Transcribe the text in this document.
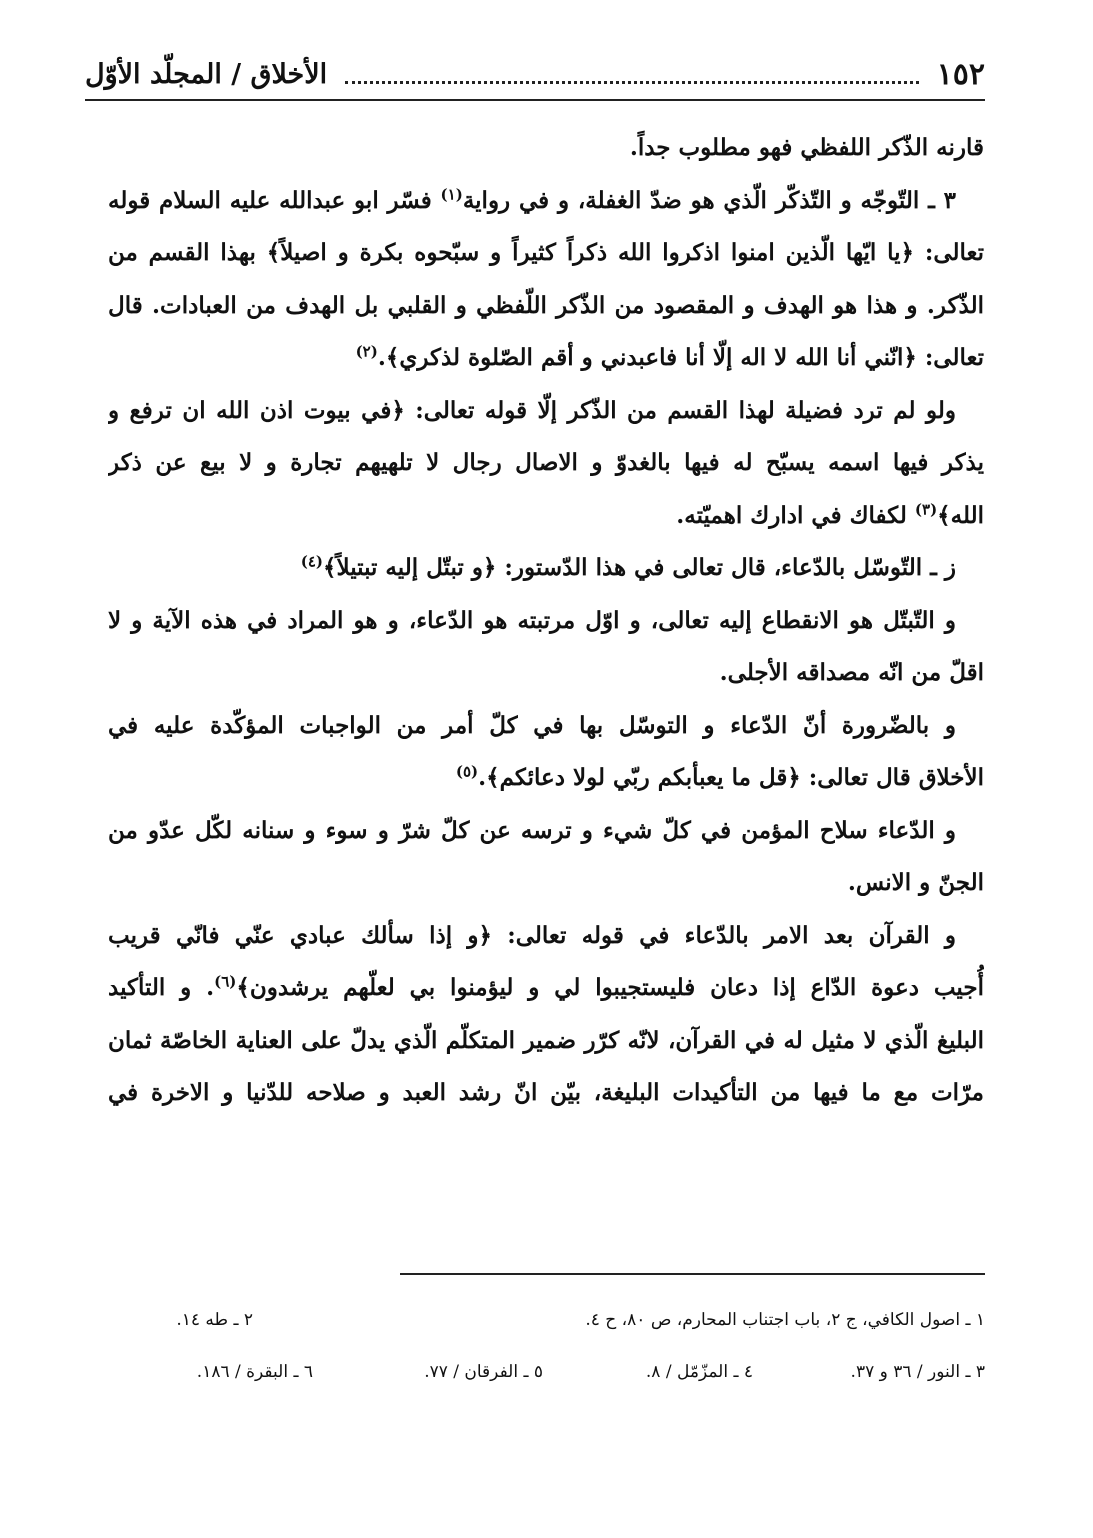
١٥٢
الأخلاق / المجلّد الأوّل
قارنه الذّكر اللفظي فهو مطلوب جداً.
٣ ـ التّوجّه و التّذكّر الّذي هو ضدّ الغفلة، و في رواية$^{(١)}$ فسّر ابو عبدالله عليه السلام قوله
تعالى: ﴿يا ايّها الّذين امنوا اذكروا الله ذكراً كثيراً و سبّحوه بكرة و اصيلاً﴾ بهذا القسم من
الذّكر. و هذا هو الهدف و المقصود من الذّكر اللّفظي و القلبي بل الهدف من العبادات. قال
تعالى: ﴿انّني أنا الله لا اله إلّا أنا فاعبدني و أقم الصّلوة لذكري﴾.$^{(٢)}$
ولو لم ترد فضيلة لهذا القسم من الذّكر إلّا قوله تعالى: ﴿في بيوت اذن الله ان ترفع و
يذكر فيها اسمه يسبّح له فيها بالغدوّ و الاصال رجال لا تلهيهم تجارة و لا بيع عن ذكر
الله﴾$^{(٣)}$ لكفاك في ادارك اهميّته.
ز ـ التّوسّل بالدّعاء، قال تعالى في هذا الدّستور: ﴿و تبتّل إليه تبتيلاً﴾$^{(٤)}$
و التّبتّل هو الانقطاع إليه تعالى، و اوّل مرتبته هو الدّعاء، و هو المراد في هذه الآية و لا
اقلّ من انّه مصداقه الأجلى.
و بالضّرورة أنّ الدّعاء و التوسّل بها في كلّ أمر من الواجبات المؤكّدة عليه في
الأخلاق قال تعالى: ﴿قل ما يعبأبكم ربّي لولا دعائكم﴾.$^{(٥)}$
و الدّعاء سلاح المؤمن في كلّ شيء و ترسه عن كلّ شرّ و سوء و سنانه لكّل عدّو من
الجنّ و الانس.
و القرآن بعد الامر بالدّعاء في قوله تعالى: ﴿و إذا سألك عبادي عنّي فانّي قريب
أُجيب دعوة الدّاع إذا دعان فليستجيبوا لي و ليؤمنوا بي لعلّهم يرشدون﴾$^{(٦)}$. و التأكيد
البليغ الّذي لا مثيل له في القرآن، لانّه كرّر ضمير المتكلّم الّذي يدلّ على العناية الخاصّة ثمان
مرّات مع ما فيها من التأكيدات البليغة، بيّن انّ رشد العبد و صلاحه للدّنيا و الاخرة في
١ ـ اصول الكافي، ج ٢، باب اجتناب المحارم، ص ٨٠، ح ٤.
٢ ـ طه ١٤.
٣ ـ النور / ٣٦ و ٣٧.
٤ ـ المزّمّل / ٨.
٥ ـ الفرقان / ٧٧.
٦ ـ البقرة / ١٨٦.
